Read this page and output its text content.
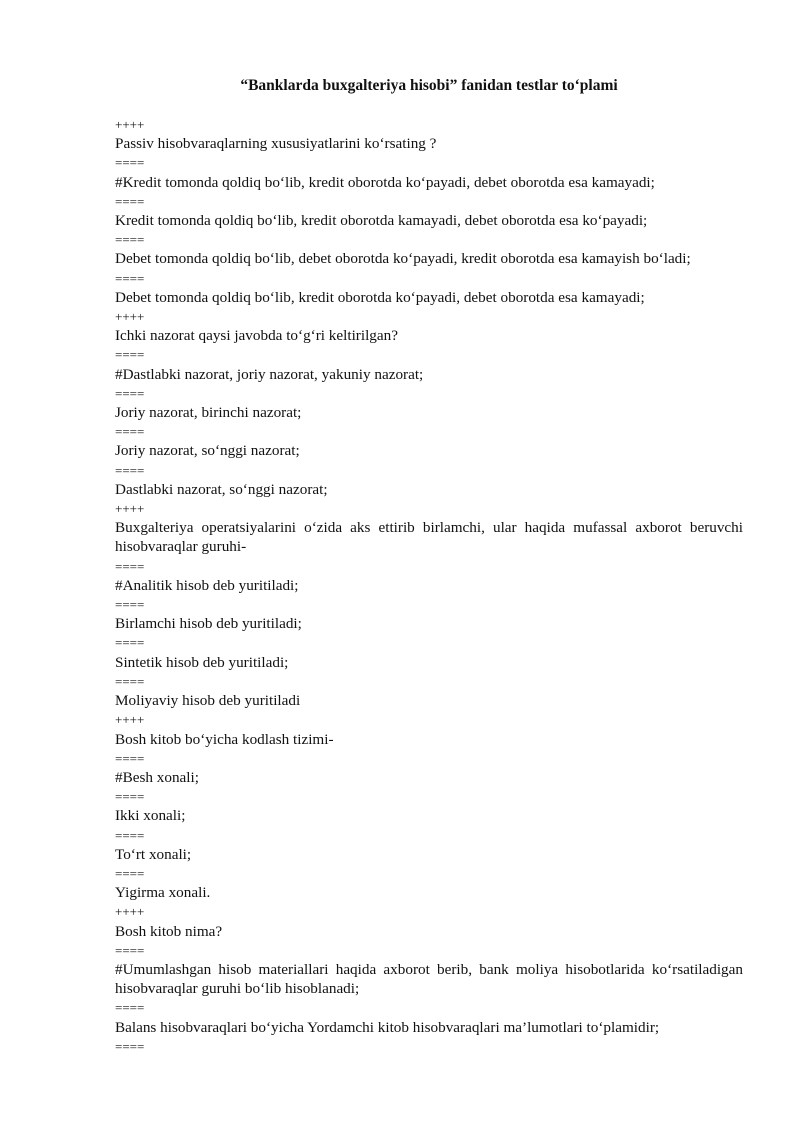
“Banklarda buxgalteriya hisobi” fanidan testlar to‘plami

++++

Passiv hisobvaraqlarning xususiyatlarini ko‘rsating ?

====

#Kredit tomonda qoldiq bo‘lib, kredit oborotda ko‘payadi, debet oborotda esa kamayadi;

====

Kredit tomonda qoldiq bo‘lib, kredit oborotda kamayadi, debet oborotda esa ko‘payadi;

====

Debet tomonda qoldiq bo‘lib, debet oborotda ko‘payadi, kredit oborotda esa kamayish bo‘ladi;

====

Debet tomonda qoldiq bo‘lib, kredit oborotda ko‘payadi, debet oborotda esa kamayadi;

++++

Ichki nazorat qaysi javobda to‘g‘ri keltirilgan?

====

#Dastlabki nazorat, joriy nazorat, yakuniy nazorat;

====

Joriy nazorat, birinchi nazorat;

====

Joriy nazorat, so‘nggi nazorat;

====

Dastlabki nazorat, so‘nggi nazorat;

++++

Buxgalteriya operatsiyalarini o‘zida aks ettirib birlamchi, ular haqida mufassal axborot beruvchi hisobvaraqlar guruhi-

====

#Analitik hisob deb yuritiladi;

====

Birlamchi hisob deb yuritiladi;

====

Sintetik hisob deb yuritiladi;

====

Moliyaviy hisob deb yuritiladi

++++

Bosh kitob bo‘yicha kodlash tizimi-

====

#Besh xonali;

====

Ikki xonali;

====

To‘rt xonali;

====

Yigirma xonali.

++++

Bosh kitob nima?

====

#Umumlashgan hisob materiallari haqida axborot berib, bank moliya hisobotlarida ko‘rsatiladigan hisobvaraqlar guruhi bo‘lib hisoblanadi;

====

Balans hisobvaraqlari bo‘yicha Yordamchi kitob hisobvaraqlari ma’lumotlari to‘plamidir;

====
